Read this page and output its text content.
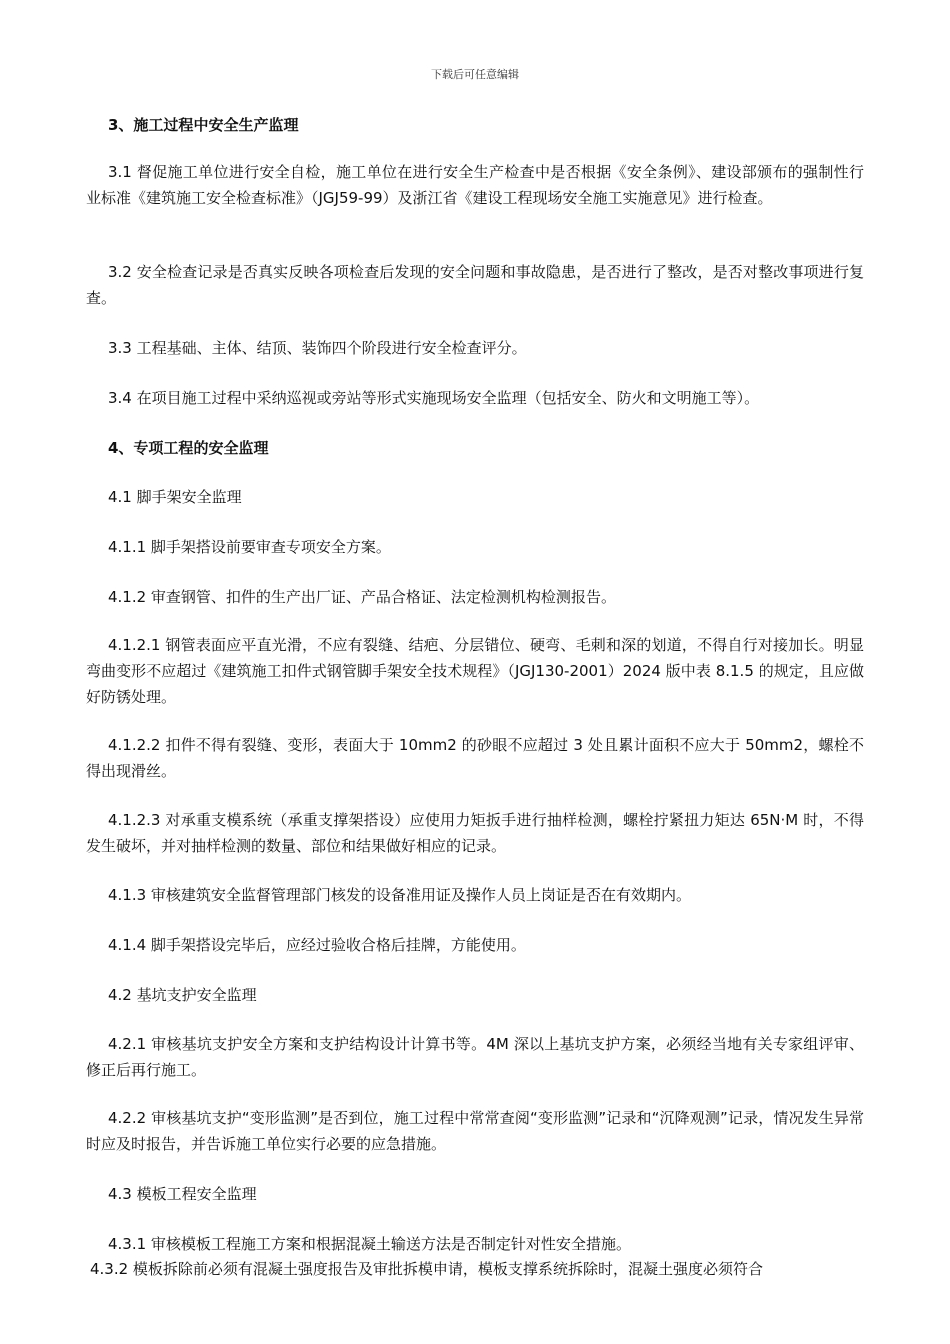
下载后可任意编辑

3、施工过程中安全生产监理

3.1 督促施工单位进行安全自检，施工单位在进行安全生产检查中是否根据《安全条例》、建设部颁布的强制性行业标准《建筑施工安全检查标准》（JGJ59-99）及浙江省《建设工程现场安全施工实施意见》进行检查。

3.2 安全检查记录是否真实反映各项检查后发现的安全问题和事故隐患，是否进行了整改，是否对整改事项进行复查。

3.3 工程基础、主体、结顶、装饰四个阶段进行安全检查评分。

3.4 在项目施工过程中采纳巡视或旁站等形式实施现场安全监理（包括安全、防火和文明施工等）。

4、专项工程的安全监理

4.1 脚手架安全监理

4.1.1 脚手架搭设前要审查专项安全方案。

4.1.2 审查钢管、扣件的生产出厂证、产品合格证、法定检测机构检测报告。

4.1.2.1 钢管表面应平直光滑，不应有裂缝、结疤、分层错位、硬弯、毛刺和深的划道，不得自行对接加长。明显弯曲变形不应超过《建筑施工扣件式钢管脚手架安全技术规程》（JGJ130-2001）2024 版中表 8.1.5 的规定，且应做好防锈处理。

4.1.2.2 扣件不得有裂缝、变形，表面大于 10mm2 的砂眼不应超过 3 处且累计面积不应大于 50mm2，螺栓不得出现滑丝。

4.1.2.3 对承重支模系统（承重支撑架搭设）应使用力矩扳手进行抽样检测，螺栓拧紧扭力矩达 65N·M 时，不得发生破坏，并对抽样检测的数量、部位和结果做好相应的记录。

4.1.3 审核建筑安全监督管理部门核发的设备准用证及操作人员上岗证是否在有效期内。

4.1.4 脚手架搭设完毕后，应经过验收合格后挂牌，方能使用。

4.2 基坑支护安全监理

4.2.1 审核基坑支护安全方案和支护结构设计计算书等。4M 深以上基坑支护方案，必须经当地有关专家组评审、修正后再行施工。

4.2.2 审核基坑支护“变形监测”是否到位，施工过程中常常查阅“变形监测”记录和“沉降观测”记录，情况发生异常时应及时报告，并告诉施工单位实行必要的应急措施。

4.3 模板工程安全监理

4.3.1 审核模板工程施工方案和根据混凝土输送方法是否制定针对性安全措施。

4.3.2 模板拆除前必须有混凝土强度报告及审批拆模申请，模板支撑系统拆除时，混凝土强度必须符合
